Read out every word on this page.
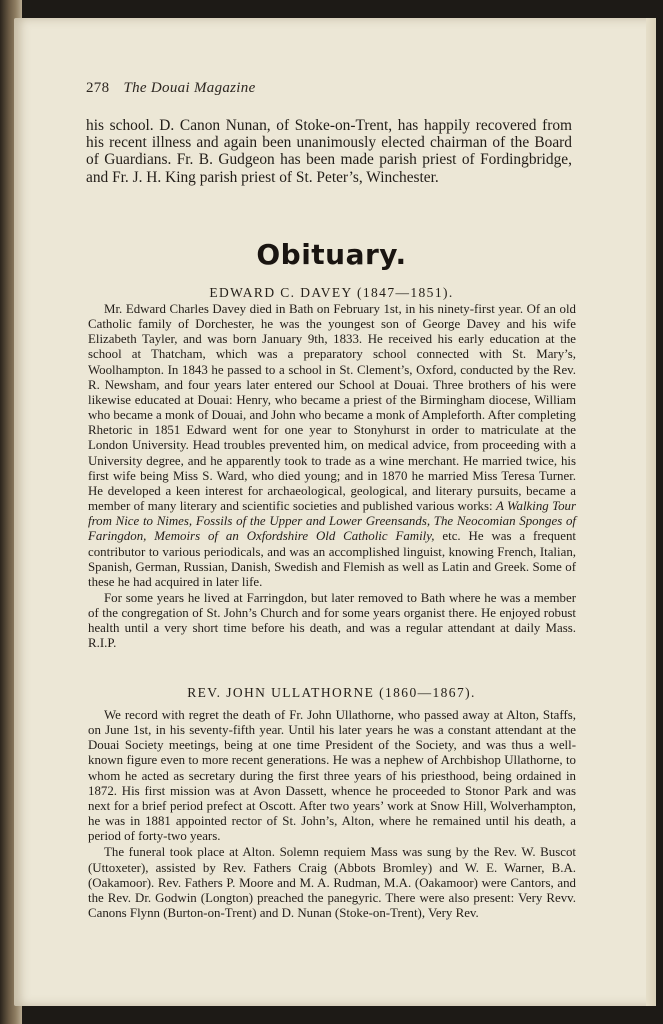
278 The Douai Magazine
his school. D. Canon Nunan, of Stoke-on-Trent, has happily recovered from his recent illness and again been unanimously elected chairman of the Board of Guardians. Fr. B. Gudgeon has been made parish priest of Fordingbridge, and Fr. J. H. King parish priest of St. Peter’s, Winchester.
Obituary.
EDWARD C. DAVEY (1847—1851).

Mr. Edward Charles Davey died in Bath on February 1st, in his ninety-first year. Of an old Catholic family of Dorchester, he was the youngest son of George Davey and his wife Elizabeth Tayler, and was born January 9th, 1833. He received his early education at the school at Thatcham, which was a preparatory school connected with St. Mary’s, Woolhampton. In 1843 he passed to a school in St. Clement’s, Oxford, conducted by the Rev. R. Newsham, and four years later entered our School at Douai. Three brothers of his were likewise educated at Douai: Henry, who became a priest of the Birmingham diocese, William who became a monk of Douai, and John who became a monk of Ampleforth. After completing Rhetoric in 1851 Edward went for one year to Stonyhurst in order to matriculate at the London University. Head troubles prevented him, on medical advice, from proceeding with a University degree, and he apparently took to trade as a wine merchant. He married twice, his first wife being Miss S. Ward, who died young; and in 1870 he married Miss Teresa Turner. He developed a keen interest for archaeological, geological, and literary pursuits, became a member of many literary and scientific societies and published various works: A Walking Tour from Nice to Nimes, Fossils of the Upper and Lower Greensands, The Neocomian Sponges of Faringdon, Memoirs of an Oxfordshire Old Catholic Family, etc. He was a frequent contributor to various periodicals, and was an accomplished linguist, knowing French, Italian, Spanish, German, Russian, Danish, Swedish and Flemish as well as Latin and Greek. Some of these he had acquired in later life.

For some years he lived at Farringdon, but later removed to Bath where he was a member of the congregation of St. John’s Church and for some years organist there. He enjoyed robust health until a very short time before his death, and was a regular attendant at daily Mass. R.I.P.

REV. JOHN ULLATHORNE (1860—1867).

We record with regret the death of Fr. John Ullathorne, who passed away at Alton, Staffs, on June 1st, in his seventy-fifth year. Until his later years he was a constant attendant at the Douai Society meetings, being at one time President of the Society, and was thus a well-known figure even to more recent generations. He was a nephew of Archbishop Ullathorne, to whom he acted as secretary during the first three years of his priesthood, being ordained in 1872. His first mission was at Avon Dassett, whence he proceeded to Stonor Park and was next for a brief period prefect at Oscott. After two years’ work at Snow Hill, Wolverhampton, he was in 1881 appointed rector of St. John’s, Alton, where he remained until his death, a period of forty-two years.

The funeral took place at Alton. Solemn requiem Mass was sung by the Rev. W. Buscot (Uttoxeter), assisted by Rev. Fathers Craig (Abbots Bromley) and W. E. Warner, B.A. (Oakamoor). Rev. Fathers P. Moore and M. A. Rudman, M.A. (Oakamoor) were Cantors, and the Rev. Dr. Godwin (Longton) preached the panegyric. There were also present: Very Revv. Canons Flynn (Burton-on-Trent) and D. Nunan (Stoke-on-Trent), Very Rev.
